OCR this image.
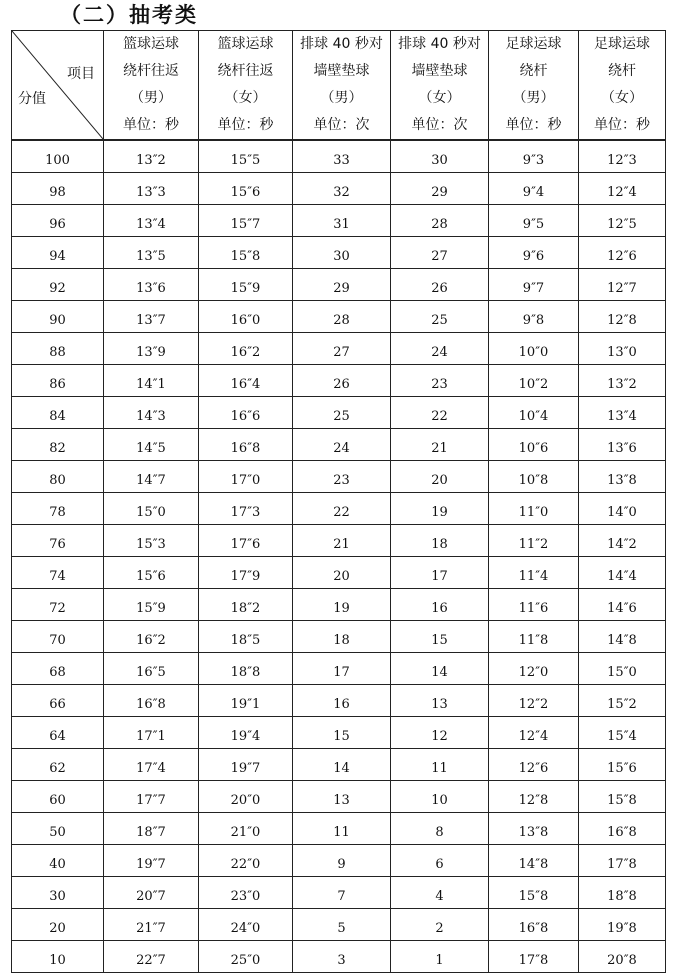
（二）抽考类
项目
分值	篮球运球
绕杆往返
（男）
单位：秒	篮球运球
绕杆往返
（女）
单位：秒	排球 40 秒对
墙壁垫球
（男）
单位：次	排球 40 秒对
墙壁垫球
（女）
单位：次	足球运球
绕杆
（男）
单位：秒	足球运球
绕杆
（女）
单位：秒

100	13″2	15″5	33	30	9″3	12″3
98	13″3	15″6	32	29	9″4	12″4
96	13″4	15″7	31	28	9″5	12″5
94	13″5	15″8	30	27	9″6	12″6
92	13″6	15″9	29	26	9″7	12″7
90	13″7	16″0	28	25	9″8	12″8
88	13″9	16″2	27	24	10″0	13″0
86	14″1	16″4	26	23	10″2	13″2
84	14″3	16″6	25	22	10″4	13″4
82	14″5	16″8	24	21	10″6	13″6
80	14″7	17″0	23	20	10″8	13″8
78	15″0	17″3	22	19	11″0	14″0
76	15″3	17″6	21	18	11″2	14″2
74	15″6	17″9	20	17	11″4	14″4
72	15″9	18″2	19	16	11″6	14″6
70	16″2	18″5	18	15	11″8	14″8
68	16″5	18″8	17	14	12″0	15″0
66	16″8	19″1	16	13	12″2	15″2
64	17″1	19″4	15	12	12″4	15″4
62	17″4	19″7	14	11	12″6	15″6
60	17″7	20″0	13	10	12″8	15″8
50	18″7	21″0	11	8	13″8	16″8
40	19″7	22″0	9	6	14″8	17″8
30	20″7	23″0	7	4	15″8	18″8
20	21″7	24″0	5	2	16″8	19″8
10	22″7	25″0	3	1	17″8	20″8
